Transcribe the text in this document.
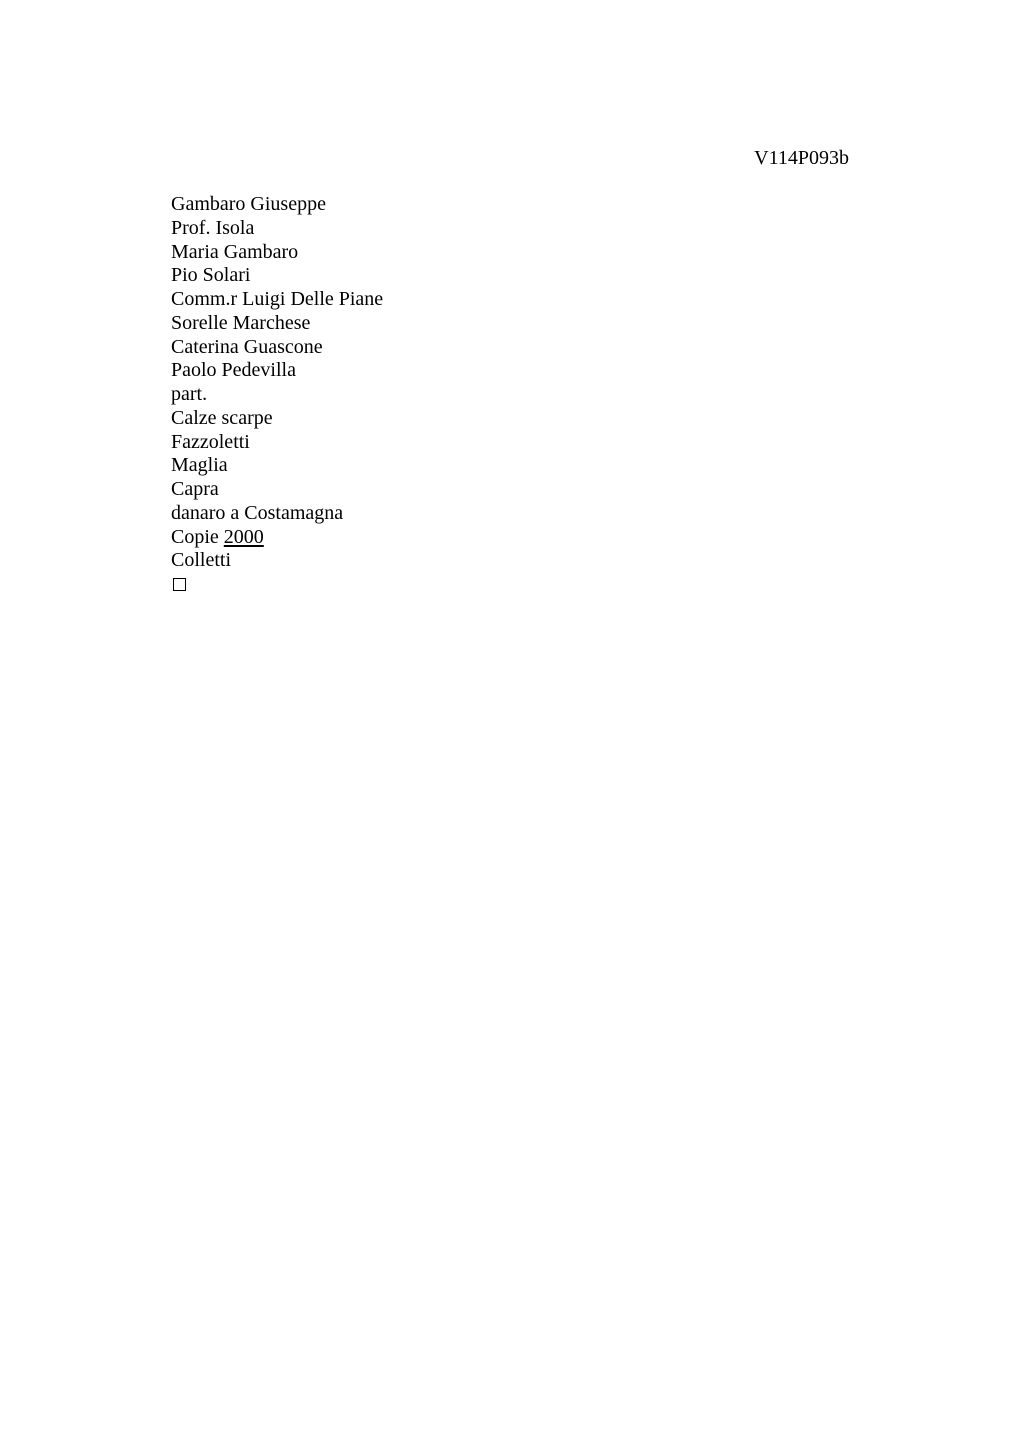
V114P093b
Gambaro Giuseppe
Prof. Isola
Maria Gambaro
Pio Solari
Comm.r Luigi Delle Piane
Sorelle Marchese
Caterina Guascone
Paolo Pedevilla
part.
Calze scarpe
Fazzoletti
Maglia
Capra
danaro a Costamagna
Copie 2000
Colletti
